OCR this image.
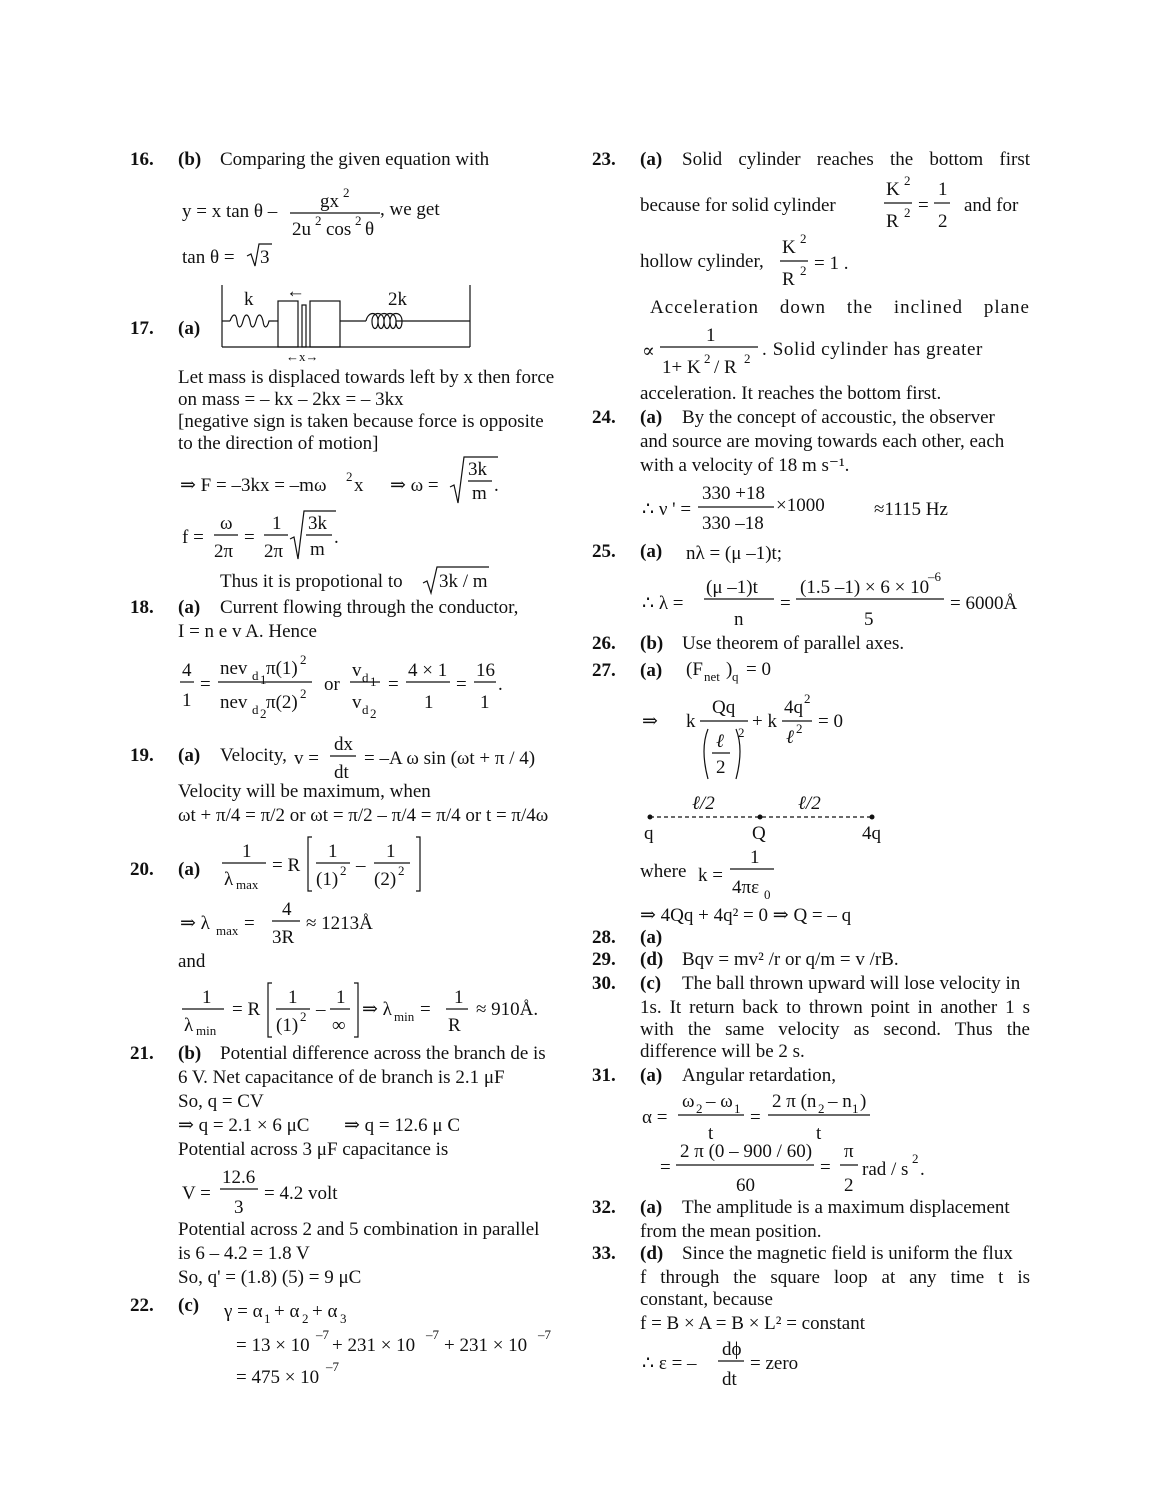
16. (b) Comparing the given equation with
y = x tan θ – gx 2
2u 2 cos 2 θ
, we get
tan θ = 3
17. (a)
k ←	2k
←x→
Let mass is displaced towards left by x then force
on mass = – kx – 2kx = – 3kx
[negative sign is taken because force is opposite
to the direction of motion]
⇒ F = –3kx = –mω 2 x ⇒ ω =
3k
m .
f =
ω
2π
=
1
2π
3k
m
.
Thus it is propotional to 3k / m
18. (a) Current flowing through the conductor,
I = n e v A. Hence
4
1
=
nev d 1
π(1) 2
nev d 2
π(2) 2 or
v d 1
v d 2
=
4 × 1
1
=
16
1
.
19. (a) Velocity, v =
dx
dt
= –A ω sin (ωt + π / 4)
Velocity will be maximum, when
ωt + π/4 = π/2 or ωt = π/2 – π/4 = π/4 or t = π/4ω
20. (a)
1
λ max
= R
1
(1) 2 –
1
(2) 2
⇒ λ max =
4
3R
≈ 1213Å
and
1
λ min
= R
1
(1) 2 –
1
∞
⇒ λ min =
1
R
≈ 910Å.
21. (b) Potential difference across the branch de is
6 V. Net capacitance of de branch is 2.1 μF
So, q = CV
⇒ q = 2.1 × 6 μC ⇒ q = 12.6 μ C
Potential across 3 μF capacitance is
V =
12.6
3
= 4.2 volt
Potential across 2 and 5 combination in parallel
is 6 – 4.2 = 1.8 V
So, q' = (1.8) (5) = 9 μC
22. (c) γ = α 1 + α 2 + α 3
= 13 × 10
–7
+ 231 × 10
–7
+ 231 × 10
–7
= 475 × 10
–7
23. (a) Solid cylinder reaches the bottom first
because for solid cylinder
K 2
R 2 =
1
2
and for
hollow cylinder,
K 2
R 2 = 1 .
Acceleration down the inclined plane
∝
1
1+ K 2 / R 2 . Solid cylinder has greater
acceleration. It reaches the bottom first.
24. (a) By the concept of accoustic, the observer
and source are moving towards each other, each
with a velocity of 18 m s⁻¹.
∴ ν ' =
330 +18
330 –18
×1000	≈1115 Hz
25. (a) nλ = (μ –1)t;
∴ λ =
(μ –1)t
n
=
(1.5 –1) × 6 × 10
–6
5
= 6000Å
26. (b) Use theorem of parallel axes.
27. (a) (F net ) q = 0
⇒ k
Qq
ℓ
2
2
+ k
4q 2
ℓ 2 = 0
ℓ/2	ℓ/2
q	Q	4q
where k =
1
4πε 0
⇒ 4Qq + 4q² = 0 ⇒ Q = – q
28. (a)
29. (d) Bqv = mv² /r or q/m = v /rB.
30. (c) The ball thrown upward will lose velocity in
1s. It return back to thrown point in another 1 s
with the same velocity as second. Thus the
difference will be 2 s.
31. (a) Angular retardation,
α =
ω 2 – ω 1
t
=
2 π (n 2 – n 1 )
t
=
2 π (0 – 900 / 60)
60
=
π
2
rad / s
2
.
32. (a) The amplitude is a maximum displacement
from the mean position.
33. (d) Since the magnetic field is uniform the flux
f through the square loop at any time t is
constant, because
f = B × A = B × L² = constant
∴ ε = –
dϕ
dt
= zero
